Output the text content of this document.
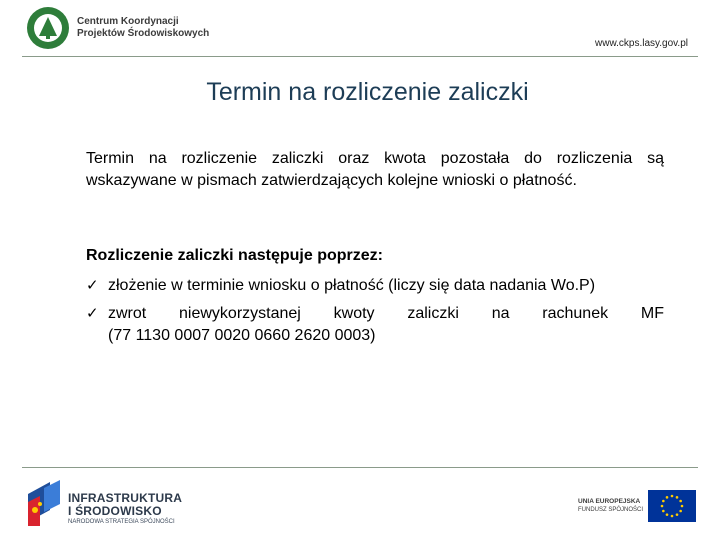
Centrum Koordynacji
Projektów Środowiskowych
www.ckps.lasy.gov.pl
Termin na rozliczenie zaliczki
Termin na rozliczenie zaliczki oraz kwota pozostała do rozliczenia są wskazywane w pismach zatwierdzających kolejne wnioski o płatność.
Rozliczenie zaliczki następuje poprzez:
✓ złożenie w terminie wniosku o płatność (liczy się data nadania Wo.P)
✓ zwrot niewykorzystanej kwoty zaliczki na rachunek MF
(77 1130 0007 0020 0660 2620 0003)
INFRASTRUKTURA
I ŚRODOWISKO
NARODOWA STRATEGIA SPÓJNOŚCI
UNIA EUROPEJSKA
FUNDUSZ SPÓJNOŚCI
